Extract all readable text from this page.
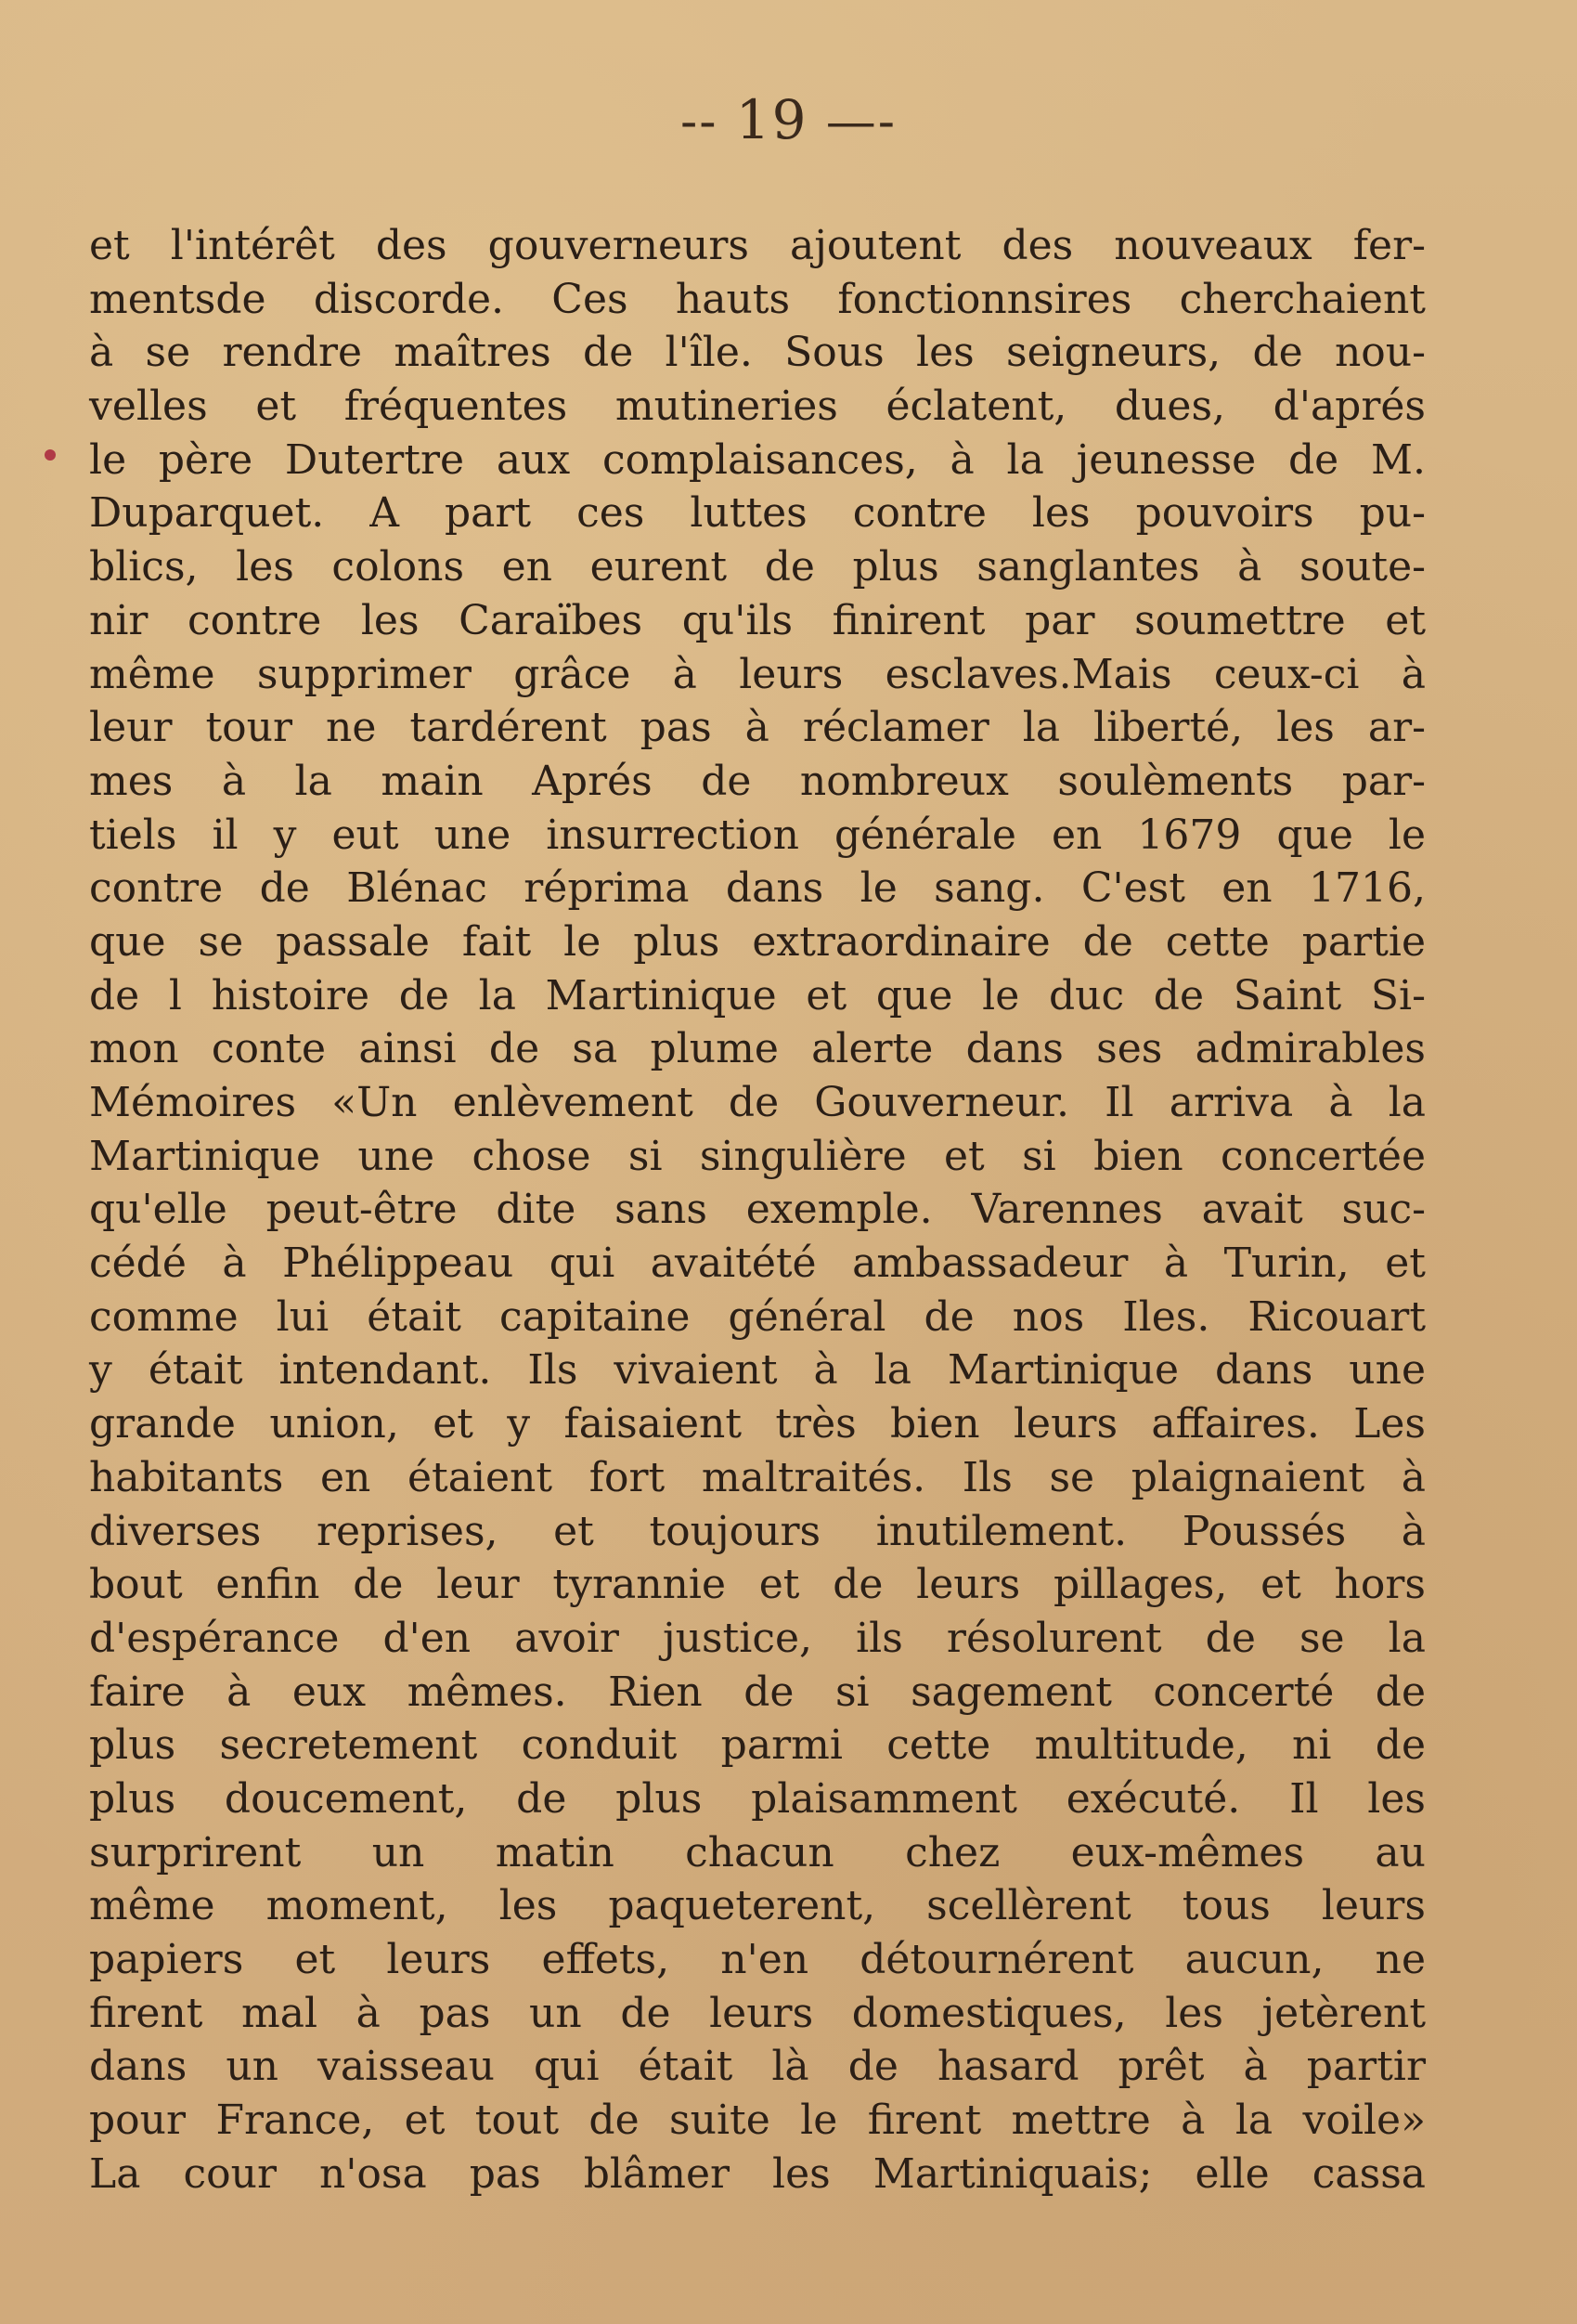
-- 19 —-
et l'intérêt des gouverneurs ajoutent des nouveaux fer-
mentsde discorde. Ces hauts fonctionnsires cherchaient
à se rendre maîtres de l'île. Sous les seigneurs, de nou-
velles et fréquentes mutineries éclatent, dues, d'aprés
le père Dutertre aux complaisances, à la jeunesse de M.
Duparquet. A part ces luttes contre les pouvoirs pu-
blics, les colons en eurent de plus sanglantes à soute-
nir contre les Caraïbes qu'ils finirent par soumettre et
même supprimer grâce à leurs esclaves.Mais ceux-ci à
leur tour ne tardérent pas à réclamer la liberté, les ar-
mes à la main Aprés de nombreux soulèments par-
tiels il y eut une insurrection générale en 1679 que le
contre de Blénac réprima dans le sang. C'est en 1716,
que se passale fait le plus extraordinaire de cette partie
de l histoire de la Martinique et que le duc de Saint Si-
mon conte ainsi de sa plume alerte dans ses admirables
Mémoires «Un enlèvement de Gouverneur. Il arriva à la
Martinique une chose si singulière et si bien concertée
qu'elle peut-être dite sans exemple. Varennes avait suc-
cédé à Phélippeau qui avaitété ambassadeur à Turin, et
comme lui était capitaine général de nos Iles. Ricouart
y était intendant. Ils vivaient à la Martinique dans une
grande union, et y faisaient très bien leurs affaires. Les
habitants en étaient fort maltraités. Ils se plaignaient à
diverses reprises, et toujours inutilement. Poussés à
bout enfin de leur tyrannie et de leurs pillages, et hors
d'espérance d'en avoir justice, ils résolurent de se la
faire à eux mêmes. Rien de si sagement concerté de
plus secretement conduit parmi cette multitude, ni de
plus doucement, de plus plaisamment exécuté. Il les
surprirent un matin chacun chez eux-mêmes au
même moment, les paqueterent, scellèrent tous leurs
papiers et leurs effets, n'en détournérent aucun, ne
firent mal à pas un de leurs domestiques, les jetèrent
dans un vaisseau qui était là de hasard prêt à partir
pour France, et tout de suite le firent mettre à la voile»
La cour n'osa pas blâmer les Martiniquais; elle cassa
